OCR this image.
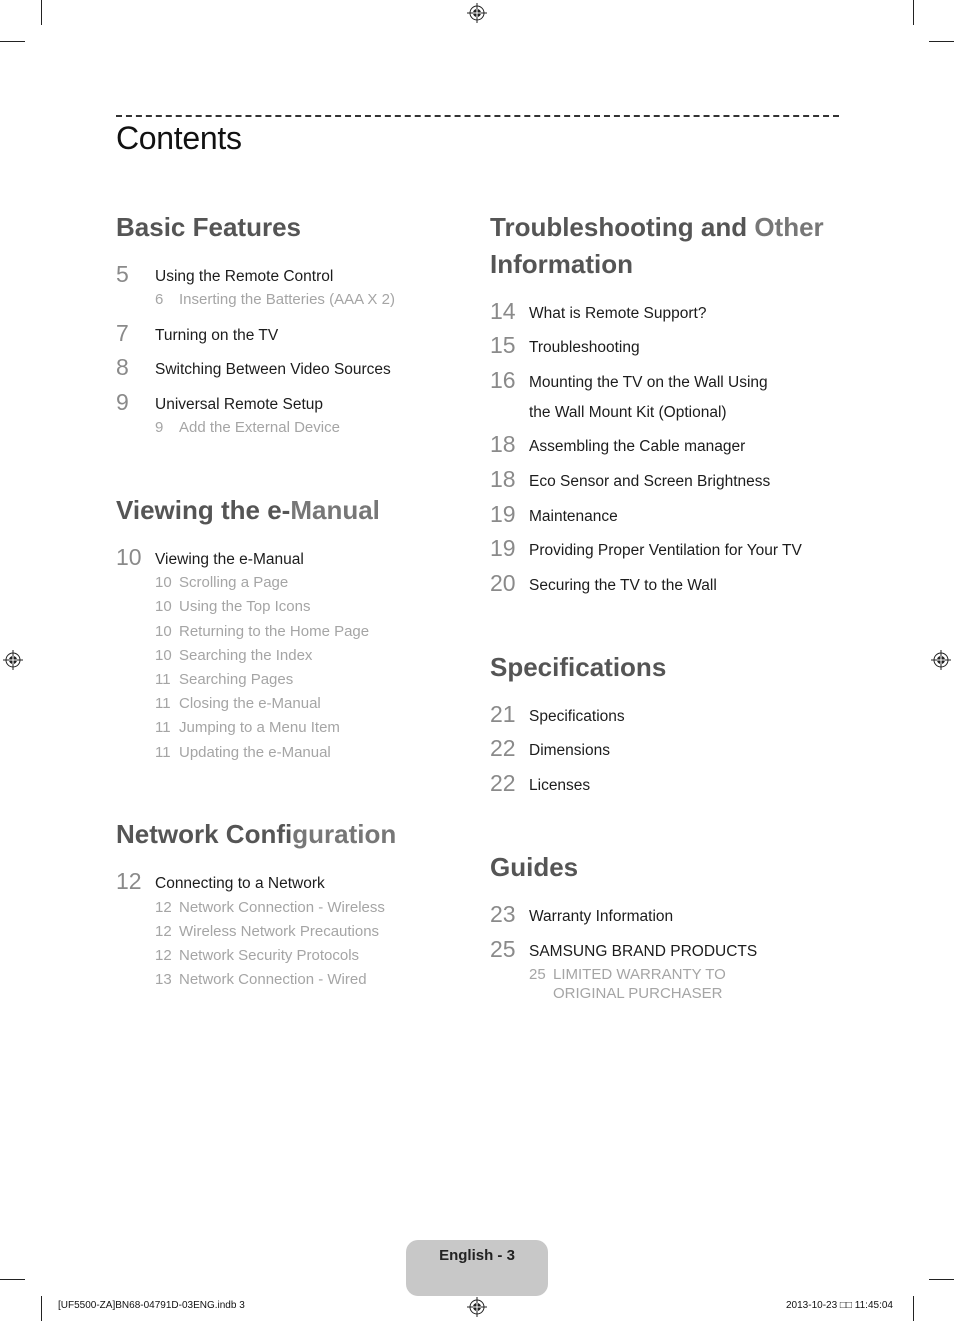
Contents
Basic Features
5 Using the Remote Control
6 Inserting the Batteries (AAA X 2)
7 Turning on the TV
8 Switching Between Video Sources
9 Universal Remote Setup
9 Add the External Device
Viewing the e-Manual
10 Viewing the e-Manual
10 Scrolling a Page
10 Using the Top Icons
10 Returning to the Home Page
10 Searching the Index
11 Searching Pages
11 Closing the e-Manual
11 Jumping to a Menu Item
11 Updating the e-Manual
Network Configuration
12 Connecting to a Network
12 Network Connection - Wireless
12 Wireless Network Precautions
12 Network Security Protocols
13 Network Connection - Wired
Troubleshooting and Other
Information
14 What is Remote Support?
15 Troubleshooting
16 Mounting the TV on the Wall Using
the Wall Mount Kit (Optional)
18 Assembling the Cable manager
18 Eco Sensor and Screen Brightness
19 Maintenance
19 Providing Proper Ventilation for Your TV
20 Securing the TV to the Wall
Specifications
21 Specifications
22 Dimensions
22 Licenses
Guides
23 Warranty Information
25 SAMSUNG BRAND PRODUCTS
25 LIMITED WARRANTY TO
ORIGINAL PURCHASER
English - 3
[UF5500-ZA]BN68-04791D-03ENG.indb 3	2013-10-23 □□ 11:45:04
